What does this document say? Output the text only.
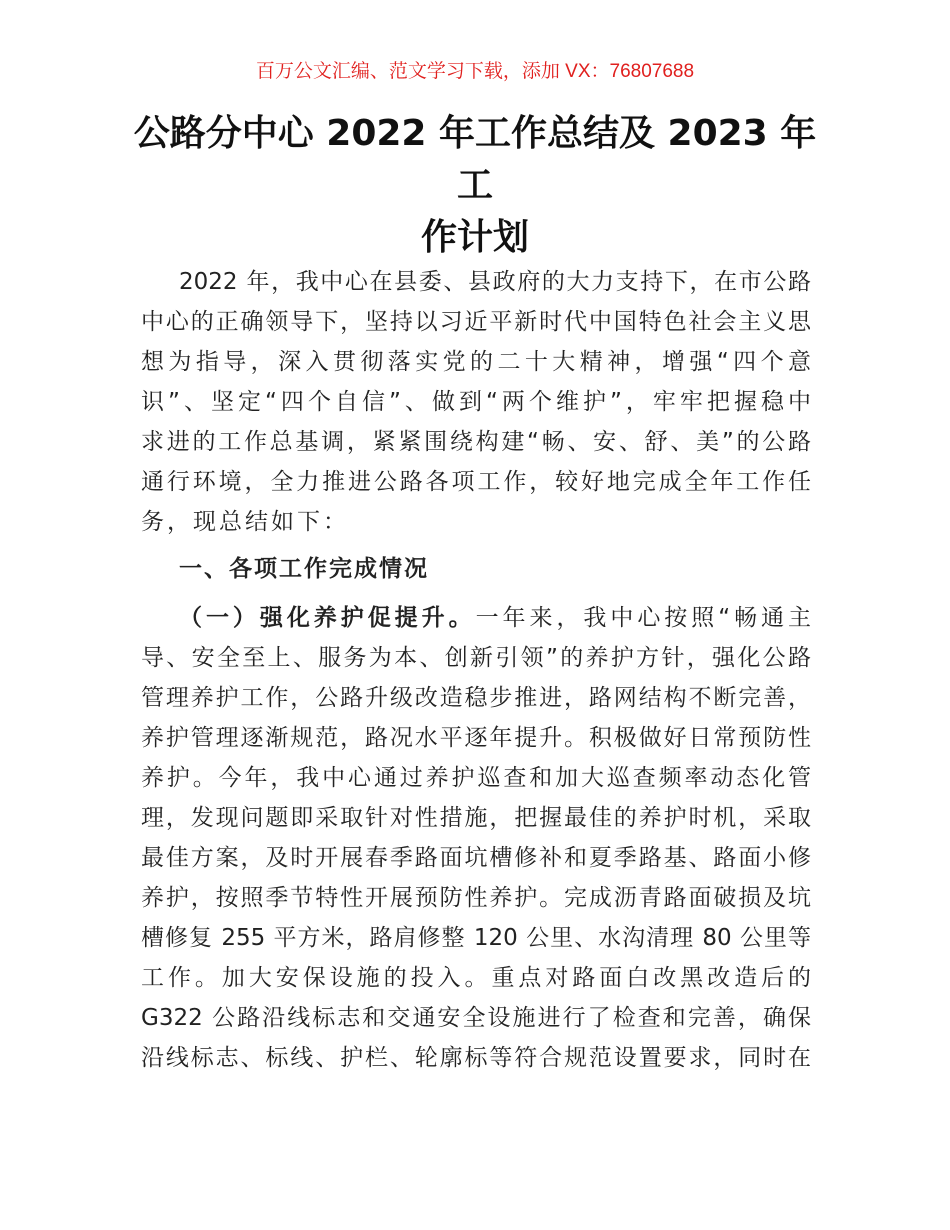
百万公文汇编、范文学习下载，添加 VX：76807688
公路分中心 2022 年工作总结及 2023 年工
作计划
2022 年，我中心在县委、县政府的大力支持下，在市公路
中心的正确领导下，坚持以习近平新时代中国特色社会主义思
想为指导，深入贯彻落实党的二十大精神，增强“四个意
识”、坚定“四个自信”、做到“两个维护”，牢牢把握稳中
求进的工作总基调，紧紧围绕构建“畅、安、舒、美”的公路
通行环境，全力推进公路各项工作，较好地完成全年工作任
务，现总结如下：
一、各项工作完成情况
（一）强化养护促提升。一年来，我中心按照“畅通主
导、安全至上、服务为本、创新引领”的养护方针，强化公路
管理养护工作，公路升级改造稳步推进，路网结构不断完善，
养护管理逐渐规范，路况水平逐年提升。积极做好日常预防性
养护。今年，我中心通过养护巡查和加大巡查频率动态化管
理，发现问题即采取针对性措施，把握最佳的养护时机，采取
最佳方案，及时开展春季路面坑槽修补和夏季路基、路面小修
养护，按照季节特性开展预防性养护。完成沥青路面破损及坑
槽修复 255 平方米，路肩修整 120 公里、水沟清理 80 公里等
工作。加大安保设施的投入。重点对路面白改黑改造后的
G322 公路沿线标志和交通安全设施进行了检查和完善，确保
沿线标志、标线、护栏、轮廓标等符合规范设置要求，同时在
